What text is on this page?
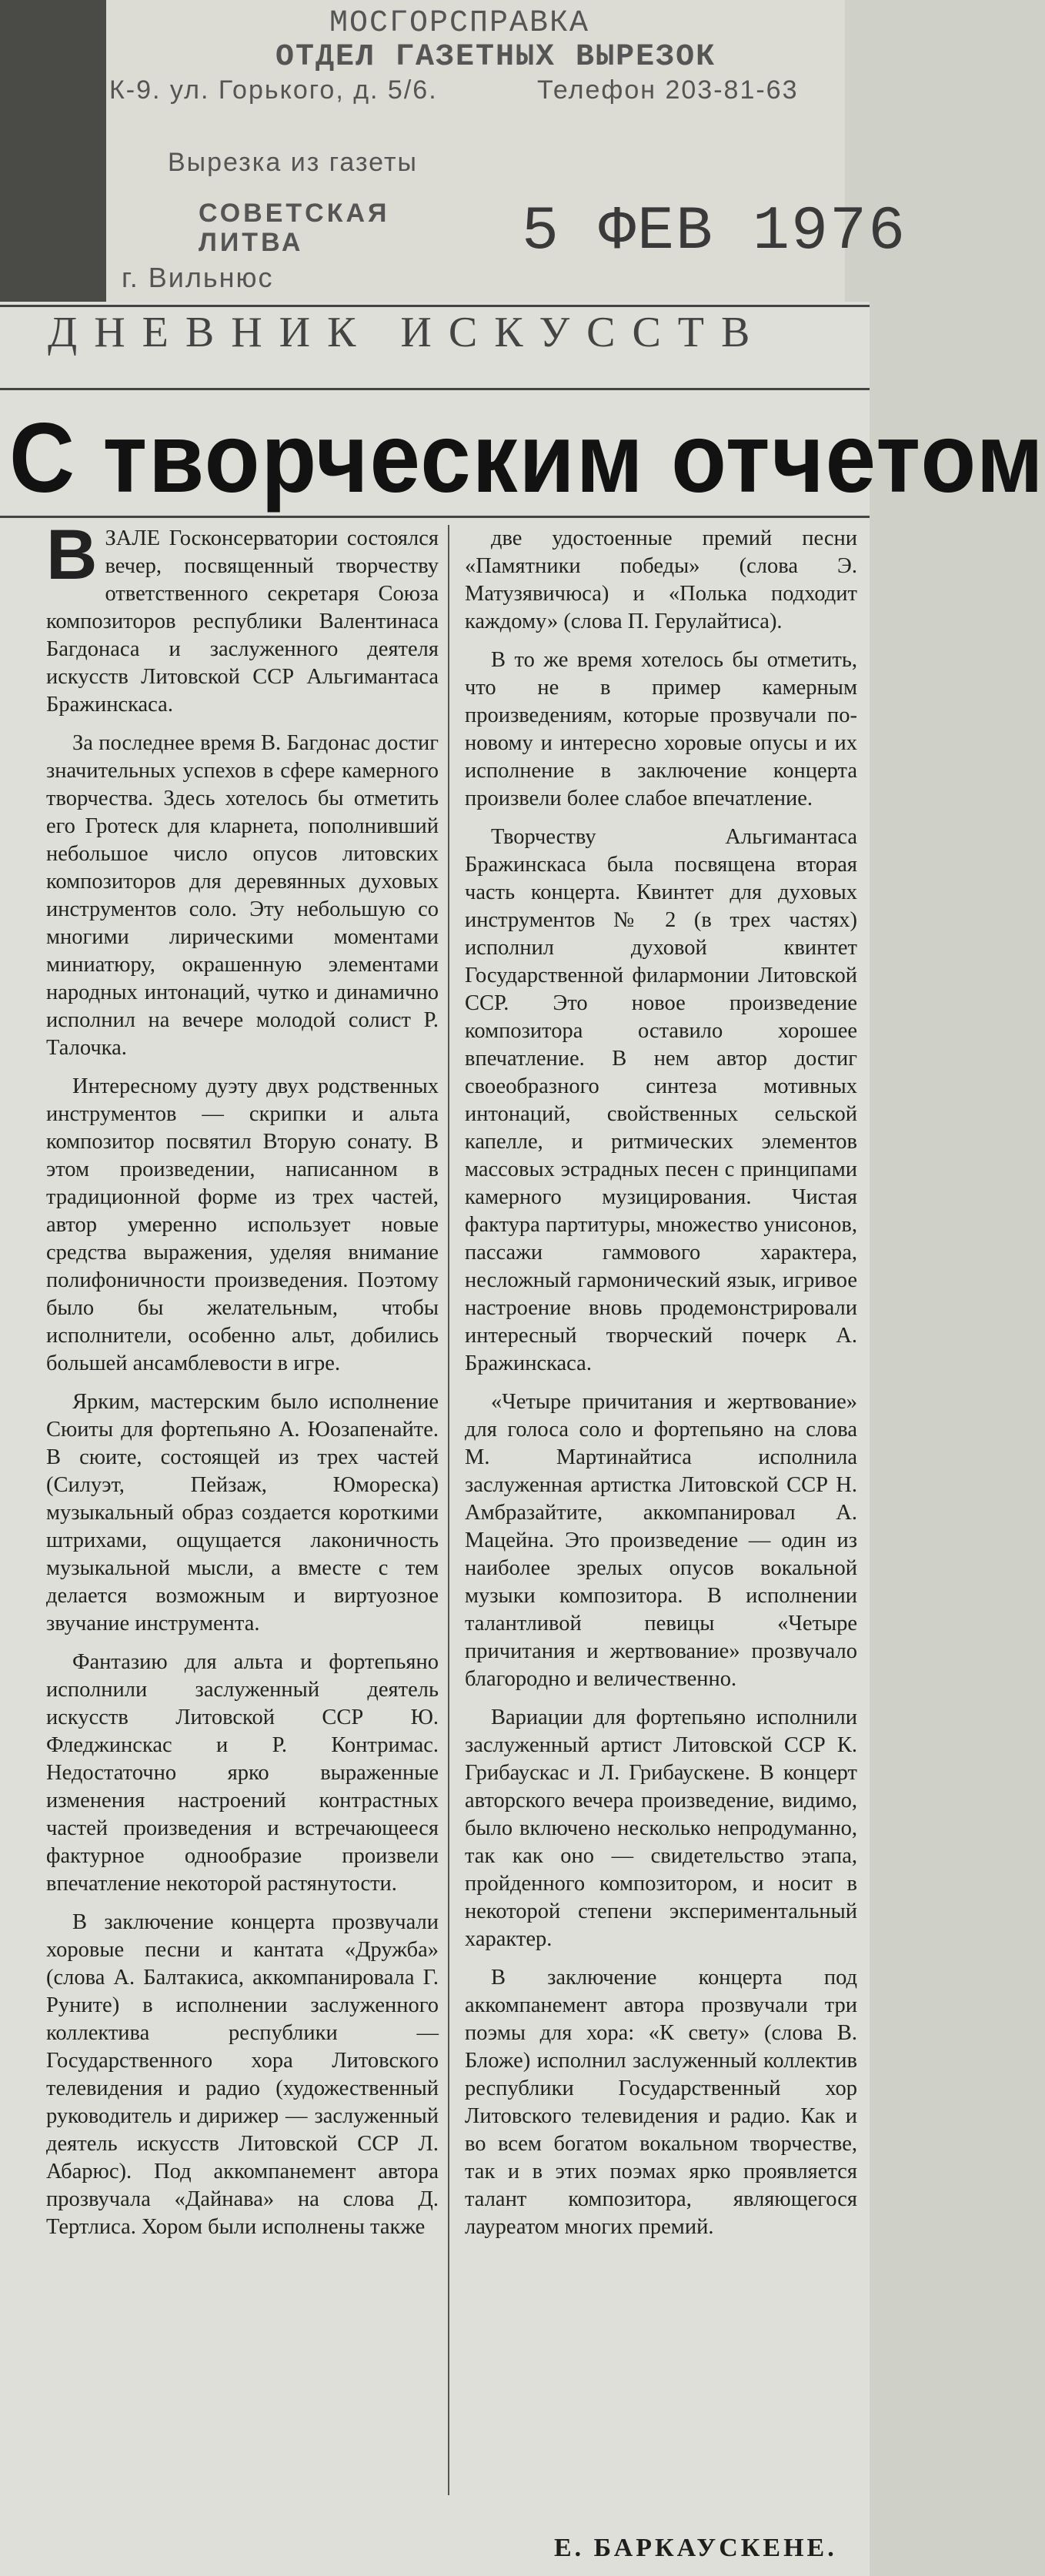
МОСГОРСПРАВКА
ОТДЕЛ ГАЗЕТНЫХ ВЫРЕЗОК
К-9. ул. Горького, д. 5/6.	Телефон 203-81-63
Вырезка из газеты
СОВЕТСКАЯ ЛИТВА
г. Вильнюс
5 ФЕВ 1976
ДНЕВНИК ИСКУССТВ
С творческим отчетом

ВЗАЛЕ Госконсерватории состоялся вечер, посвященный творчеству ответственного секретаря Союза композиторов республики Валентинаса Багдонаса и заслуженного деятеля искусств Литовской ССР Альгимантаса Бражинскаса.

За последнее время В. Багдонас достиг значительных успехов в сфере камерного творчества. Здесь хотелось бы отметить его Гротеск для кларнета, пополнивший небольшое число опусов литовских композиторов для деревянных духовых инструментов соло. Эту небольшую со многими лирическими моментами миниатюру, окрашенную элементами народных интонаций, чутко и динамично исполнил на вечере молодой солист Р. Талочка.

Интересному дуэту двух родственных инструментов — скрипки и альта композитор посвятил Вторую сонату. В этом произведении, написанном в традиционной форме из трех частей, автор умеренно использует новые средства выражения, уделяя внимание полифоничности произведения. Поэтому было бы желательным, чтобы исполнители, особенно альт, добились большей ансамблевости в игре.

Ярким, мастерским было исполнение Сюиты для фортепьяно А. Юозапенайте. В сюите, состоящей из трех частей (Силуэт, Пейзаж, Юмореска) музыкальный образ создается короткими штрихами, ощущается лаконичность музыкальной мысли, а вместе с тем делается возможным и виртуозное звучание инструмента.

Фантазию для альта и фортепьяно исполнили заслуженный деятель искусств Литовской ССР Ю. Фледжинскас и Р. Контримас. Недостаточно ярко выраженные изменения настроений контрастных частей произведения и встречающееся фактурное однообразие произвели впечатление некоторой растянутости.

В заключение концерта прозвучали хоровые песни и кантата «Дружба» (слова А. Балтакиса, аккомпанировала Г. Руните) в исполнении заслуженного коллектива республики — Государственного хора Литовского телевидения и радио (художественный руководитель и дирижер — заслуженный деятель искусств Литовской ССР Л. Абарюс). Под аккомпанемент автора прозвучала «Дайнава» на слова Д. Тертлиса. Хором были исполнены также

две удостоенные премий песни «Памятники победы» (слова Э. Матузявичюса) и «Полька подходит каждому» (слова П. Герулайтиса).

В то же время хотелось бы отметить, что не в пример камерным произведениям, которые прозвучали по-новому и интересно хоровые опусы и их исполнение в заключение концерта произвели более слабое впечатление.

Творчеству Альгимантаса Бражинскаса была посвящена вторая часть концерта. Квинтет для духовых инструментов № 2 (в трех частях) исполнил духовой квинтет Государственной филармонии Литовской ССР. Это новое произведение композитора оставило хорошее впечатление. В нем автор достиг своеобразного синтеза мотивных интонаций, свойственных сельской капелле, и ритмических элементов массовых эстрадных песен с принципами камерного музицирования. Чистая фактура партитуры, множество унисонов, пассажи гаммового характера, несложный гармонический язык, игривое настроение вновь продемонстрировали интересный творческий почерк А. Бражинскаса.

«Четыре причитания и жертвование» для голоса соло и фортепьяно на слова М. Мартинайтиса исполнила заслуженная артистка Литовской ССР Н. Амбразайтите, аккомпанировал А. Мацейна. Это произведение — один из наиболее зрелых опусов вокальной музыки композитора. В исполнении талантливой певицы «Четыре причитания и жертвование» прозвучало благородно и величественно.

Вариации для фортепьяно исполнили заслуженный артист Литовской ССР К. Грибаускас и Л. Грибаускене. В концерт авторского вечера произведение, видимо, было включено несколько непродуманно, так как оно — свидетельство этапа, пройденного композитором, и носит в некоторой степени экспериментальный характер.

В заключение концерта под аккомпанемент автора прозвучали три поэмы для хора: «К свету» (слова В. Бложе) исполнил заслуженный коллектив республики Государственный хор Литовского телевидения и радио. Как и во всем богатом вокальном творчестве, так и в этих поэмах ярко проявляется талант композитора, являющегося лауреатом многих премий.

Е. БАРКАУСКЕНЕ.
